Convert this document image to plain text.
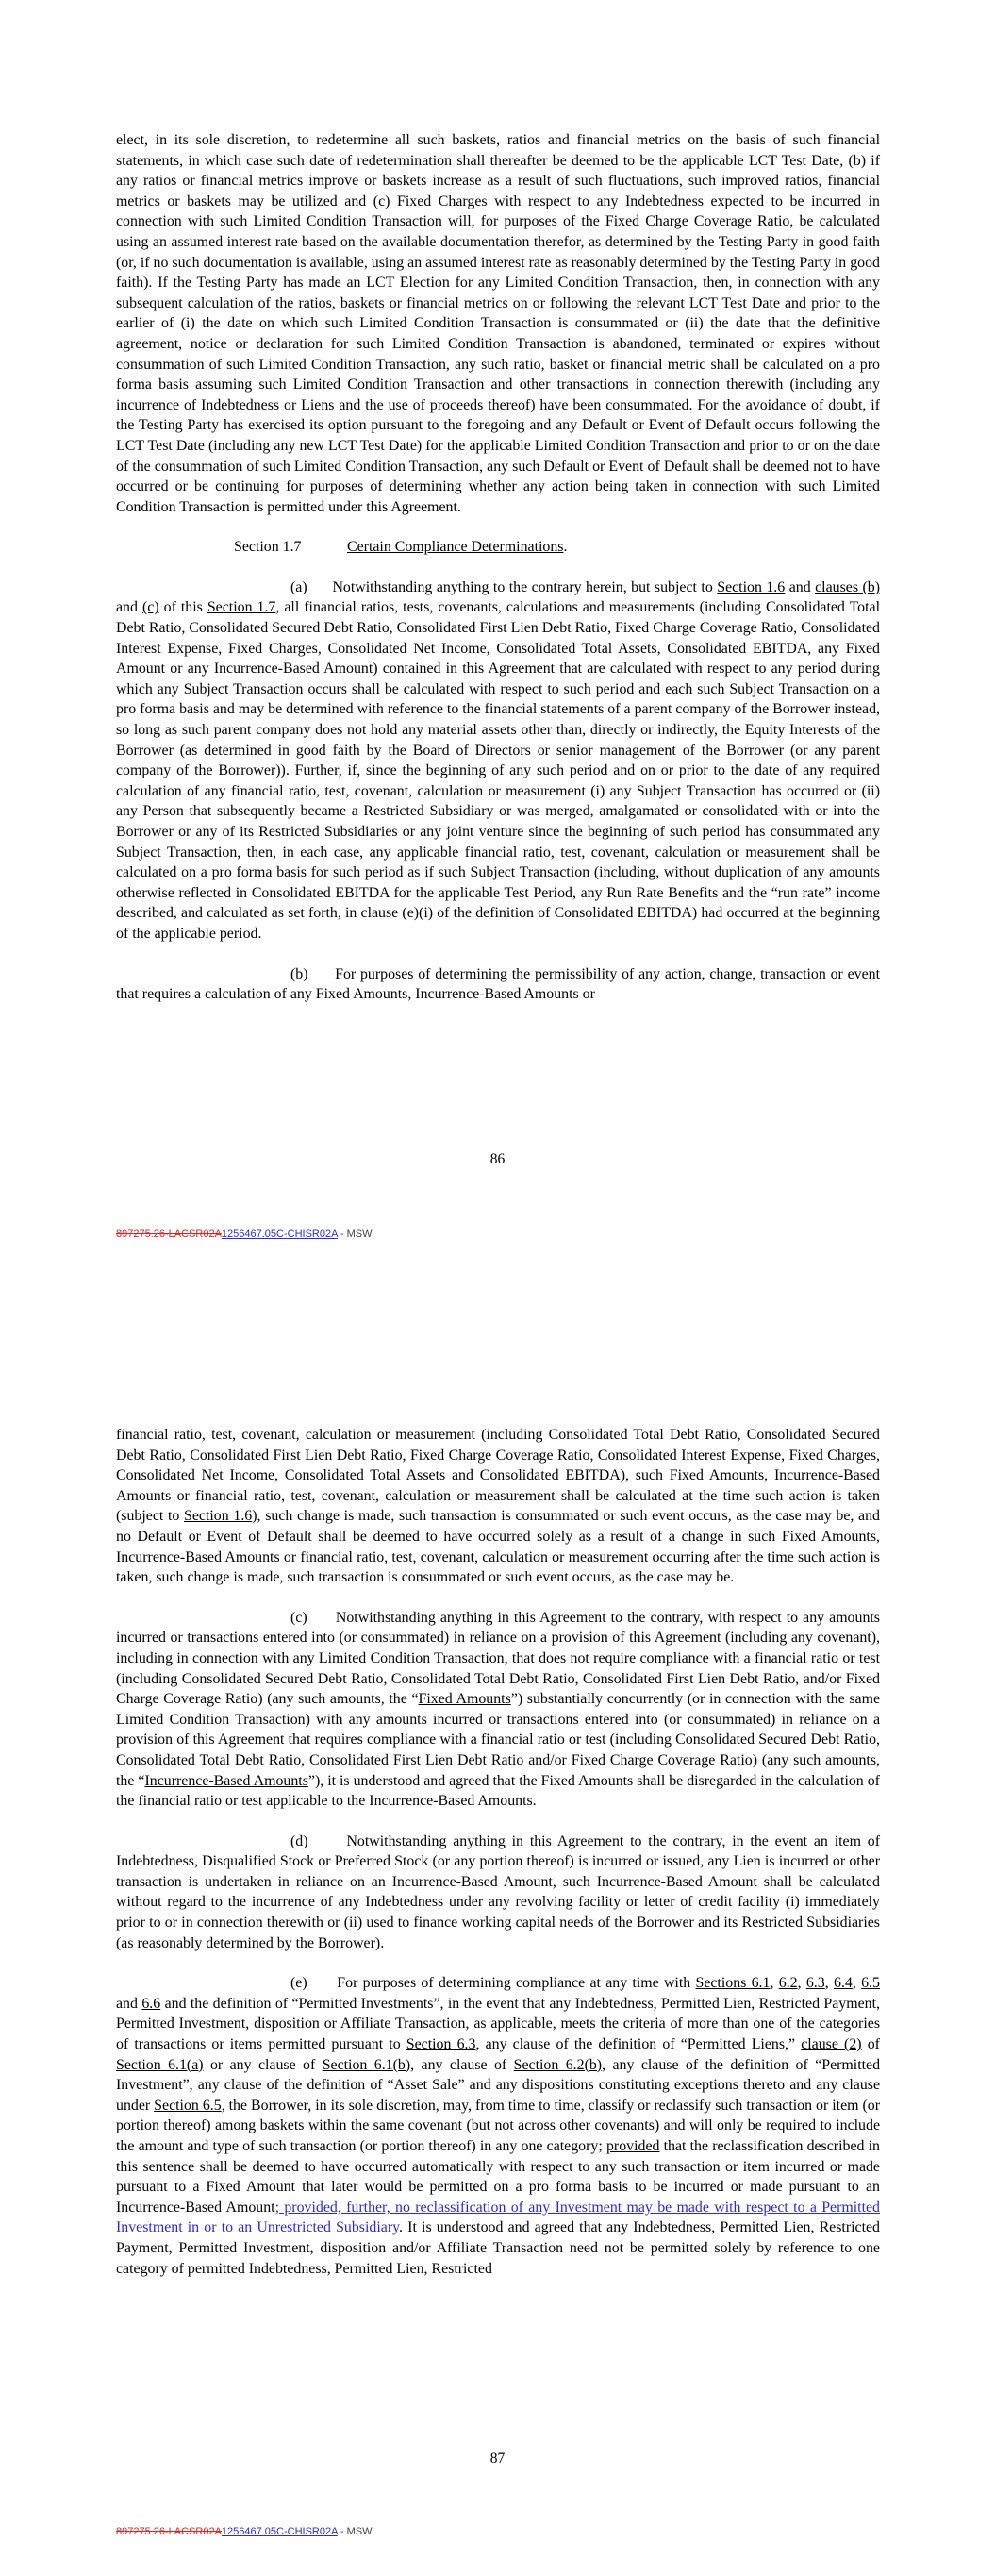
elect, in its sole discretion, to redetermine all such baskets, ratios and financial metrics on the basis of such financial statements, in which case such date of redetermination shall thereafter be deemed to be the applicable LCT Test Date, (b) if any ratios or financial metrics improve or baskets increase as a result of such fluctuations, such improved ratios, financial metrics or baskets may be utilized and (c) Fixed Charges with respect to any Indebtedness expected to be incurred in connection with such Limited Condition Transaction will, for purposes of the Fixed Charge Coverage Ratio, be calculated using an assumed interest rate based on the available documentation therefor, as determined by the Testing Party in good faith (or, if no such documentation is available, using an assumed interest rate as reasonably determined by the Testing Party in good faith). If the Testing Party has made an LCT Election for any Limited Condition Transaction, then, in connection with any subsequent calculation of the ratios, baskets or financial metrics on or following the relevant LCT Test Date and prior to the earlier of (i) the date on which such Limited Condition Transaction is consummated or (ii) the date that the definitive agreement, notice or declaration for such Limited Condition Transaction is abandoned, terminated or expires without consummation of such Limited Condition Transaction, any such ratio, basket or financial metric shall be calculated on a pro forma basis assuming such Limited Condition Transaction and other transactions in connection therewith (including any incurrence of Indebtedness or Liens and the use of proceeds thereof) have been consummated. For the avoidance of doubt, if the Testing Party has exercised its option pursuant to the foregoing and any Default or Event of Default occurs following the LCT Test Date (including any new LCT Test Date) for the applicable Limited Condition Transaction and prior to or on the date of the consummation of such Limited Condition Transaction, any such Default or Event of Default shall be deemed not to have occurred or be continuing for purposes of determining whether any action being taken in connection with such Limited Condition Transaction is permitted under this Agreement.

Section 1.7	Certain Compliance Determinations.

(a) Notwithstanding anything to the contrary herein, but subject to Section 1.6 and clauses (b) and (c) of this Section 1.7, all financial ratios, tests, covenants, calculations and measurements (including Consolidated Total Debt Ratio, Consolidated Secured Debt Ratio, Consolidated First Lien Debt Ratio, Fixed Charge Coverage Ratio, Consolidated Interest Expense, Fixed Charges, Consolidated Net Income, Consolidated Total Assets, Consolidated EBITDA, any Fixed Amount or any Incurrence-Based Amount) contained in this Agreement that are calculated with respect to any period during which any Subject Transaction occurs shall be calculated with respect to such period and each such Subject Transaction on a pro forma basis and may be determined with reference to the financial statements of a parent company of the Borrower instead, so long as such parent company does not hold any material assets other than, directly or indirectly, the Equity Interests of the Borrower (as determined in good faith by the Board of Directors or senior management of the Borrower (or any parent company of the Borrower)). Further, if, since the beginning of any such period and on or prior to the date of any required calculation of any financial ratio, test, covenant, calculation or measurement (i) any Subject Transaction has occurred or (ii) any Person that subsequently became a Restricted Subsidiary or was merged, amalgamated or consolidated with or into the Borrower or any of its Restricted Subsidiaries or any joint venture since the beginning of such period has consummated any Subject Transaction, then, in each case, any applicable financial ratio, test, covenant, calculation or measurement shall be calculated on a pro forma basis for such period as if such Subject Transaction (including, without duplication of any amounts otherwise reflected in Consolidated EBITDA for the applicable Test Period, any Run Rate Benefits and the “run rate” income described, and calculated as set forth, in clause (e)(i) of the definition of Consolidated EBITDA) had occurred at the beginning of the applicable period.

(b) For purposes of determining the permissibility of any action, change, transaction or event that requires a calculation of any Fixed Amounts, Incurrence-Based Amounts or

86
897275.26-LACSR02A1256467.05C-CHISR02A - MSW

financial ratio, test, covenant, calculation or measurement (including Consolidated Total Debt Ratio, Consolidated Secured Debt Ratio, Consolidated First Lien Debt Ratio, Fixed Charge Coverage Ratio, Consolidated Interest Expense, Fixed Charges, Consolidated Net Income, Consolidated Total Assets and Consolidated EBITDA), such Fixed Amounts, Incurrence-Based Amounts or financial ratio, test, covenant, calculation or measurement shall be calculated at the time such action is taken (subject to Section 1.6), such change is made, such transaction is consummated or such event occurs, as the case may be, and no Default or Event of Default shall be deemed to have occurred solely as a result of a change in such Fixed Amounts, Incurrence-Based Amounts or financial ratio, test, covenant, calculation or measurement occurring after the time such action is taken, such change is made, such transaction is consummated or such event occurs, as the case may be.

(c) Notwithstanding anything in this Agreement to the contrary, with respect to any amounts incurred or transactions entered into (or consummated) in reliance on a provision of this Agreement (including any covenant), including in connection with any Limited Condition Transaction, that does not require compliance with a financial ratio or test (including Consolidated Secured Debt Ratio, Consolidated Total Debt Ratio, Consolidated First Lien Debt Ratio, and/or Fixed Charge Coverage Ratio) (any such amounts, the “Fixed Amounts”) substantially concurrently (or in connection with the same Limited Condition Transaction) with any amounts incurred or transactions entered into (or consummated) in reliance on a provision of this Agreement that requires compliance with a financial ratio or test (including Consolidated Secured Debt Ratio, Consolidated Total Debt Ratio, Consolidated First Lien Debt Ratio and/or Fixed Charge Coverage Ratio) (any such amounts, the “Incurrence-Based Amounts”), it is understood and agreed that the Fixed Amounts shall be disregarded in the calculation of the financial ratio or test applicable to the Incurrence-Based Amounts.

(d)	Notwithstanding anything in this Agreement to the contrary, in the event an item of Indebtedness, Disqualified Stock or Preferred Stock (or any portion thereof) is incurred or issued, any Lien is incurred or other transaction is undertaken in reliance on an Incurrence-Based Amount, such Incurrence-Based Amount shall be calculated without regard to the incurrence of any Indebtedness under any revolving facility or letter of credit facility (i) immediately prior to or in connection therewith or (ii) used to finance working capital needs of the Borrower and its Restricted Subsidiaries (as reasonably determined by the Borrower).

(e) For purposes of determining compliance at any time with Sections 6.1, 6.2, 6.3, 6.4, 6.5 and 6.6 and the definition of “Permitted Investments”, in the event that any Indebtedness, Permitted Lien, Restricted Payment, Permitted Investment, disposition or Affiliate Transaction, as applicable, meets the criteria of more than one of the categories of transactions or items permitted pursuant to Section 6.3, any clause of the definition of “Permitted Liens,” clause (2) of Section 6.1(a) or any clause of Section 6.1(b), any clause of Section 6.2(b), any clause of the definition of “Permitted Investment”, any clause of the definition of “Asset Sale” and any dispositions constituting exceptions thereto and any clause under Section 6.5, the Borrower, in its sole discretion, may, from time to time, classify or reclassify such transaction or item (or portion thereof) among baskets within the same covenant (but not across other covenants) and will only be required to include the amount and type of such transaction (or portion thereof) in any one category; provided that the reclassification described in this sentence shall be deemed to have occurred automatically with respect to any such transaction or item incurred or made pursuant to a Fixed Amount that later would be permitted on a pro forma basis to be incurred or made pursuant to an Incurrence-Based Amount; provided, further, no reclassification of any Investment may be made with respect to a Permitted Investment in or to an Unrestricted Subsidiary. It is understood and agreed that any Indebtedness, Permitted Lien, Restricted Payment, Permitted Investment, disposition and/or Affiliate Transaction need not be permitted solely by reference to one category of permitted Indebtedness, Permitted Lien, Restricted

87
897275.26-LACSR02A1256467.05C-CHISR02A - MSW
